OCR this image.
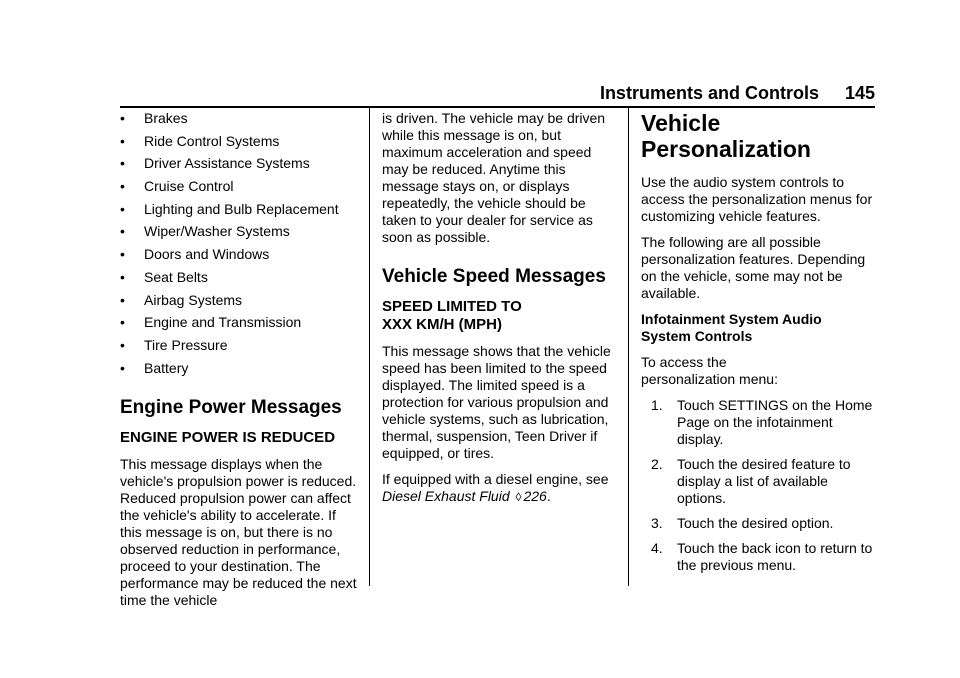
Instruments and Controls 145
• Brakes
• Ride Control Systems
• Driver Assistance Systems
• Cruise Control
• Lighting and Bulb Replacement
• Wiper/Washer Systems
• Doors and Windows
• Seat Belts
• Airbag Systems
• Engine and Transmission
• Tire Pressure
• Battery
Engine Power Messages
ENGINE POWER IS REDUCED

This message displays when the vehicle's propulsion power is reduced. Reduced propulsion power can affect the vehicle's ability to accelerate. If this message is on, but there is no observed reduction in performance, proceed to your destination. The performance may be reduced the next time the vehicle

is driven. The vehicle may be driven while this message is on, but maximum acceleration and speed may be reduced. Anytime this message stays on, or displays repeatedly, the vehicle should be taken to your dealer for service as soon as possible.

Vehicle Speed Messages
SPEED LIMITED TO
XXX KM/H (MPH)

This message shows that the vehicle speed has been limited to the speed displayed. The limited speed is a protection for various propulsion and vehicle systems, such as lubrication, thermal, suspension, Teen Driver if equipped, or tires.

If equipped with a diesel engine, see Diesel Exhaust Fluid ◊ 226.

Vehicle
Personalization

Use the audio system controls to access the personalization menus for customizing vehicle features.

The following are all possible personalization features. Depending on the vehicle, some may not be available.

Infotainment System Audio
System Controls

To access the
personalization menu:

1. Touch SETTINGS on the Home Page on the infotainment display.
2. Touch the desired feature to display a list of available options.
3. Touch the desired option.
4. Touch the back icon to return to the previous menu.
